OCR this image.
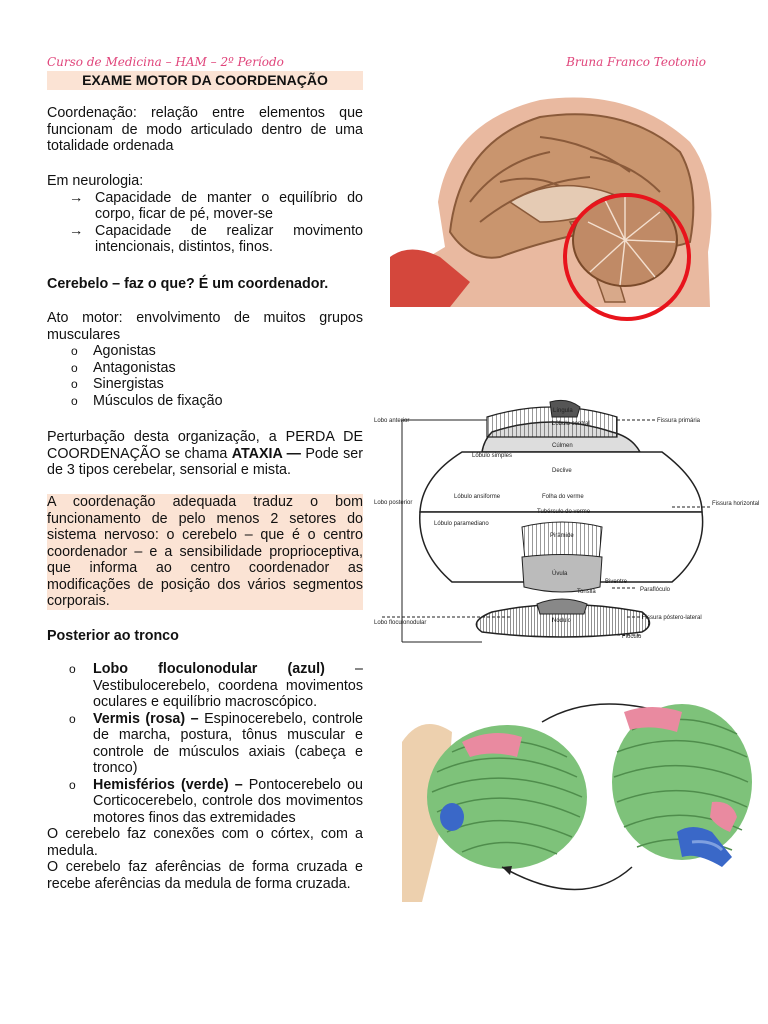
Curso de Medicina – HAM – 2º Período	Bruna Franco Teotonio
EXAME MOTOR DA COORDENAÇÃO
Coordenação: relação entre elementos que funcionam de modo articulado dentro de uma totalidade ordenada
Em neurologia:
→ Capacidade de manter o equilíbrio do corpo, ficar de pé, mover-se
→ Capacidade de realizar movimento intencionais, distintos, finos.
Cerebelo – faz o que? É um coordenador.
Ato motor: envolvimento de muitos grupos musculares
o	Agonistas
o	Antagonistas
o	Sinergistas
o	Músculos de fixação
Perturbação desta organização, a PERDA DE COORDENAÇÃO se chama ATAXIA — Pode ser de 3 tipos cerebelar, sensorial e mista.
A coordenação adequada traduz o bom funcionamento de pelo menos 2 setores do sistema nervoso: o cerebelo – que é o centro coordenador – e a sensibilidade proprioceptiva, que informa ao centro coordenador as modificações de posição dos vários segmentos corporais.
Posterior ao tronco
o	Lobo floculonodular (azul) – Vestibulocerebelo, coordena movimentos oculares e equilíbrio macroscópico.
o	Vermis (rosa) – Espinocerebelo, controle de marcha, postura, tônus muscular e controle de músculos axiais (cabeça e tronco)
o	Hemisférios (verde) – Pontocerebelo ou Corticocerebelo, controle dos movimentos motores finos das extremidades
O cerebelo faz conexões com o córtex, com a medula.
O cerebelo faz aferências de forma cruzada e recebe aferências da medula de forma cruzada.
Língula
Lóbulo central	Fissura primária
Lobo anterior
Lóbulo simples
Cúlmen
Declive
Lóbulo ansiforme	Folha do verme
Fissura horizontal
Lobo posterior
Tubérculo do verme
Lóbulo paramediano
Pirâmide
Úvula
Biventre
Tonsila	Paraflóculo
Fissura póstero-lateral
Lobo floculonodular	Nódulo
Flóculo
